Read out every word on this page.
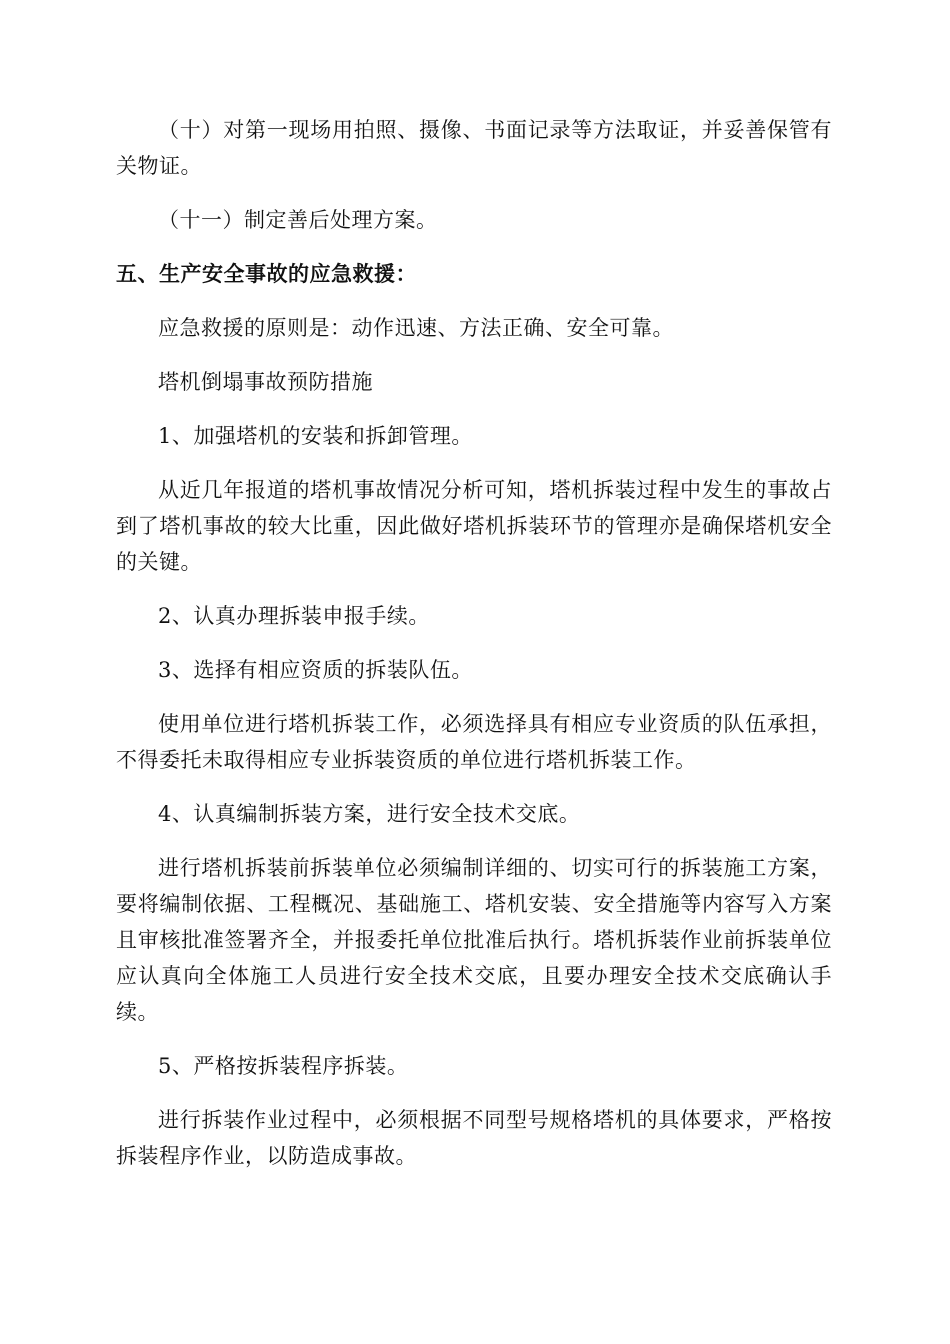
（十）对第一现场用拍照、摄像、书面记录等方法取证，并妥善保管有关物证。

（十一）制定善后处理方案。

五、生产安全事故的应急救援：

应急救援的原则是：动作迅速、方法正确、安全可靠。

塔机倒塌事故预防措施

1、加强塔机的安装和拆卸管理。

从近几年报道的塔机事故情况分析可知，塔机拆装过程中发生的事故占到了塔机事故的较大比重，因此做好塔机拆装环节的管理亦是确保塔机安全的关键。

2、认真办理拆装申报手续。

3、选择有相应资质的拆装队伍。

使用单位进行塔机拆装工作，必须选择具有相应专业资质的队伍承担，不得委托未取得相应专业拆装资质的单位进行塔机拆装工作。

4、认真编制拆装方案，进行安全技术交底。

进行塔机拆装前拆装单位必须编制详细的、切实可行的拆装施工方案，要将编制依据、工程概况、基础施工、塔机安装、安全措施等内容写入方案且审核批准签署齐全，并报委托单位批准后执行。塔机拆装作业前拆装单位应认真向全体施工人员进行安全技术交底，且要办理安全技术交底确认手续。

5、严格按拆装程序拆装。

进行拆装作业过程中，必须根据不同型号规格塔机的具体要求，严格按拆装程序作业，以防造成事故。
